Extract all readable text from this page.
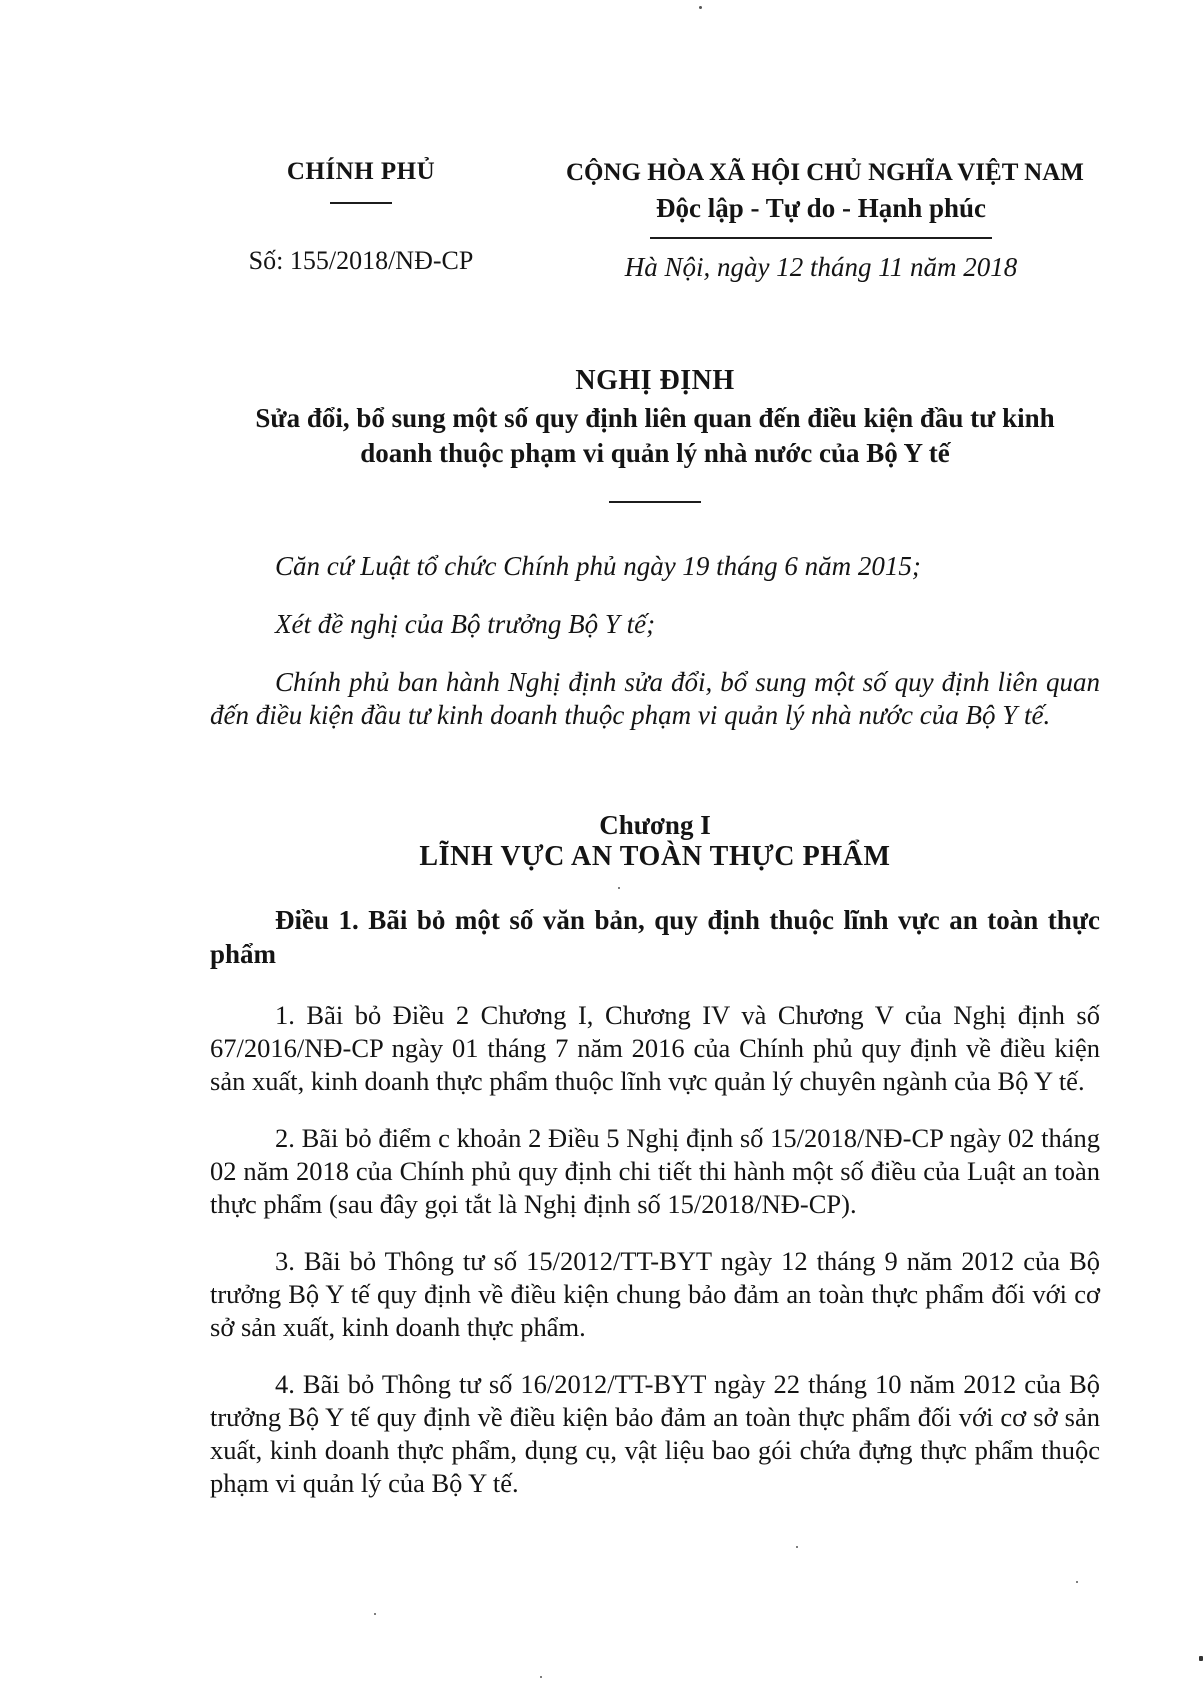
CHÍNH PHỦ
Số: 155/2018/NĐ-CP
CỘNG HÒA XÃ HỘI CHỦ NGHĨA VIỆT NAM
Độc lập - Tự do - Hạnh phúc
Hà Nội, ngày 12 tháng 11 năm 2018
NGHỊ ĐỊNH
Sửa đổi, bổ sung một số quy định liên quan đến điều kiện đầu tư kinh doanh thuộc phạm vi quản lý nhà nước của Bộ Y tế

Căn cứ Luật tổ chức Chính phủ ngày 19 tháng 6 năm 2015;

Xét đề nghị của Bộ trưởng Bộ Y tế;

Chính phủ ban hành Nghị định sửa đổi, bổ sung một số quy định liên quan đến điều kiện đầu tư kinh doanh thuộc phạm vi quản lý nhà nước của Bộ Y tế.

Chương I
LĨNH VỰC AN TOÀN THỰC PHẨM

Điều 1. Bãi bỏ một số văn bản, quy định thuộc lĩnh vực an toàn thực phẩm

1. Bãi bỏ Điều 2 Chương I, Chương IV và Chương V của Nghị định số 67/2016/NĐ-CP ngày 01 tháng 7 năm 2016 của Chính phủ quy định về điều kiện sản xuất, kinh doanh thực phẩm thuộc lĩnh vực quản lý chuyên ngành của Bộ Y tế.

2. Bãi bỏ điểm c khoản 2 Điều 5 Nghị định số 15/2018/NĐ-CP ngày 02 tháng 02 năm 2018 của Chính phủ quy định chi tiết thi hành một số điều của Luật an toàn thực phẩm (sau đây gọi tắt là Nghị định số 15/2018/NĐ-CP).

3. Bãi bỏ Thông tư số 15/2012/TT-BYT ngày 12 tháng 9 năm 2012 của Bộ trưởng Bộ Y tế quy định về điều kiện chung bảo đảm an toàn thực phẩm đối với cơ sở sản xuất, kinh doanh thực phẩm.

4. Bãi bỏ Thông tư số 16/2012/TT-BYT ngày 22 tháng 10 năm 2012 của Bộ trưởng Bộ Y tế quy định về điều kiện bảo đảm an toàn thực phẩm đối với cơ sở sản xuất, kinh doanh thực phẩm, dụng cụ, vật liệu bao gói chứa đựng thực phẩm thuộc phạm vi quản lý của Bộ Y tế.
